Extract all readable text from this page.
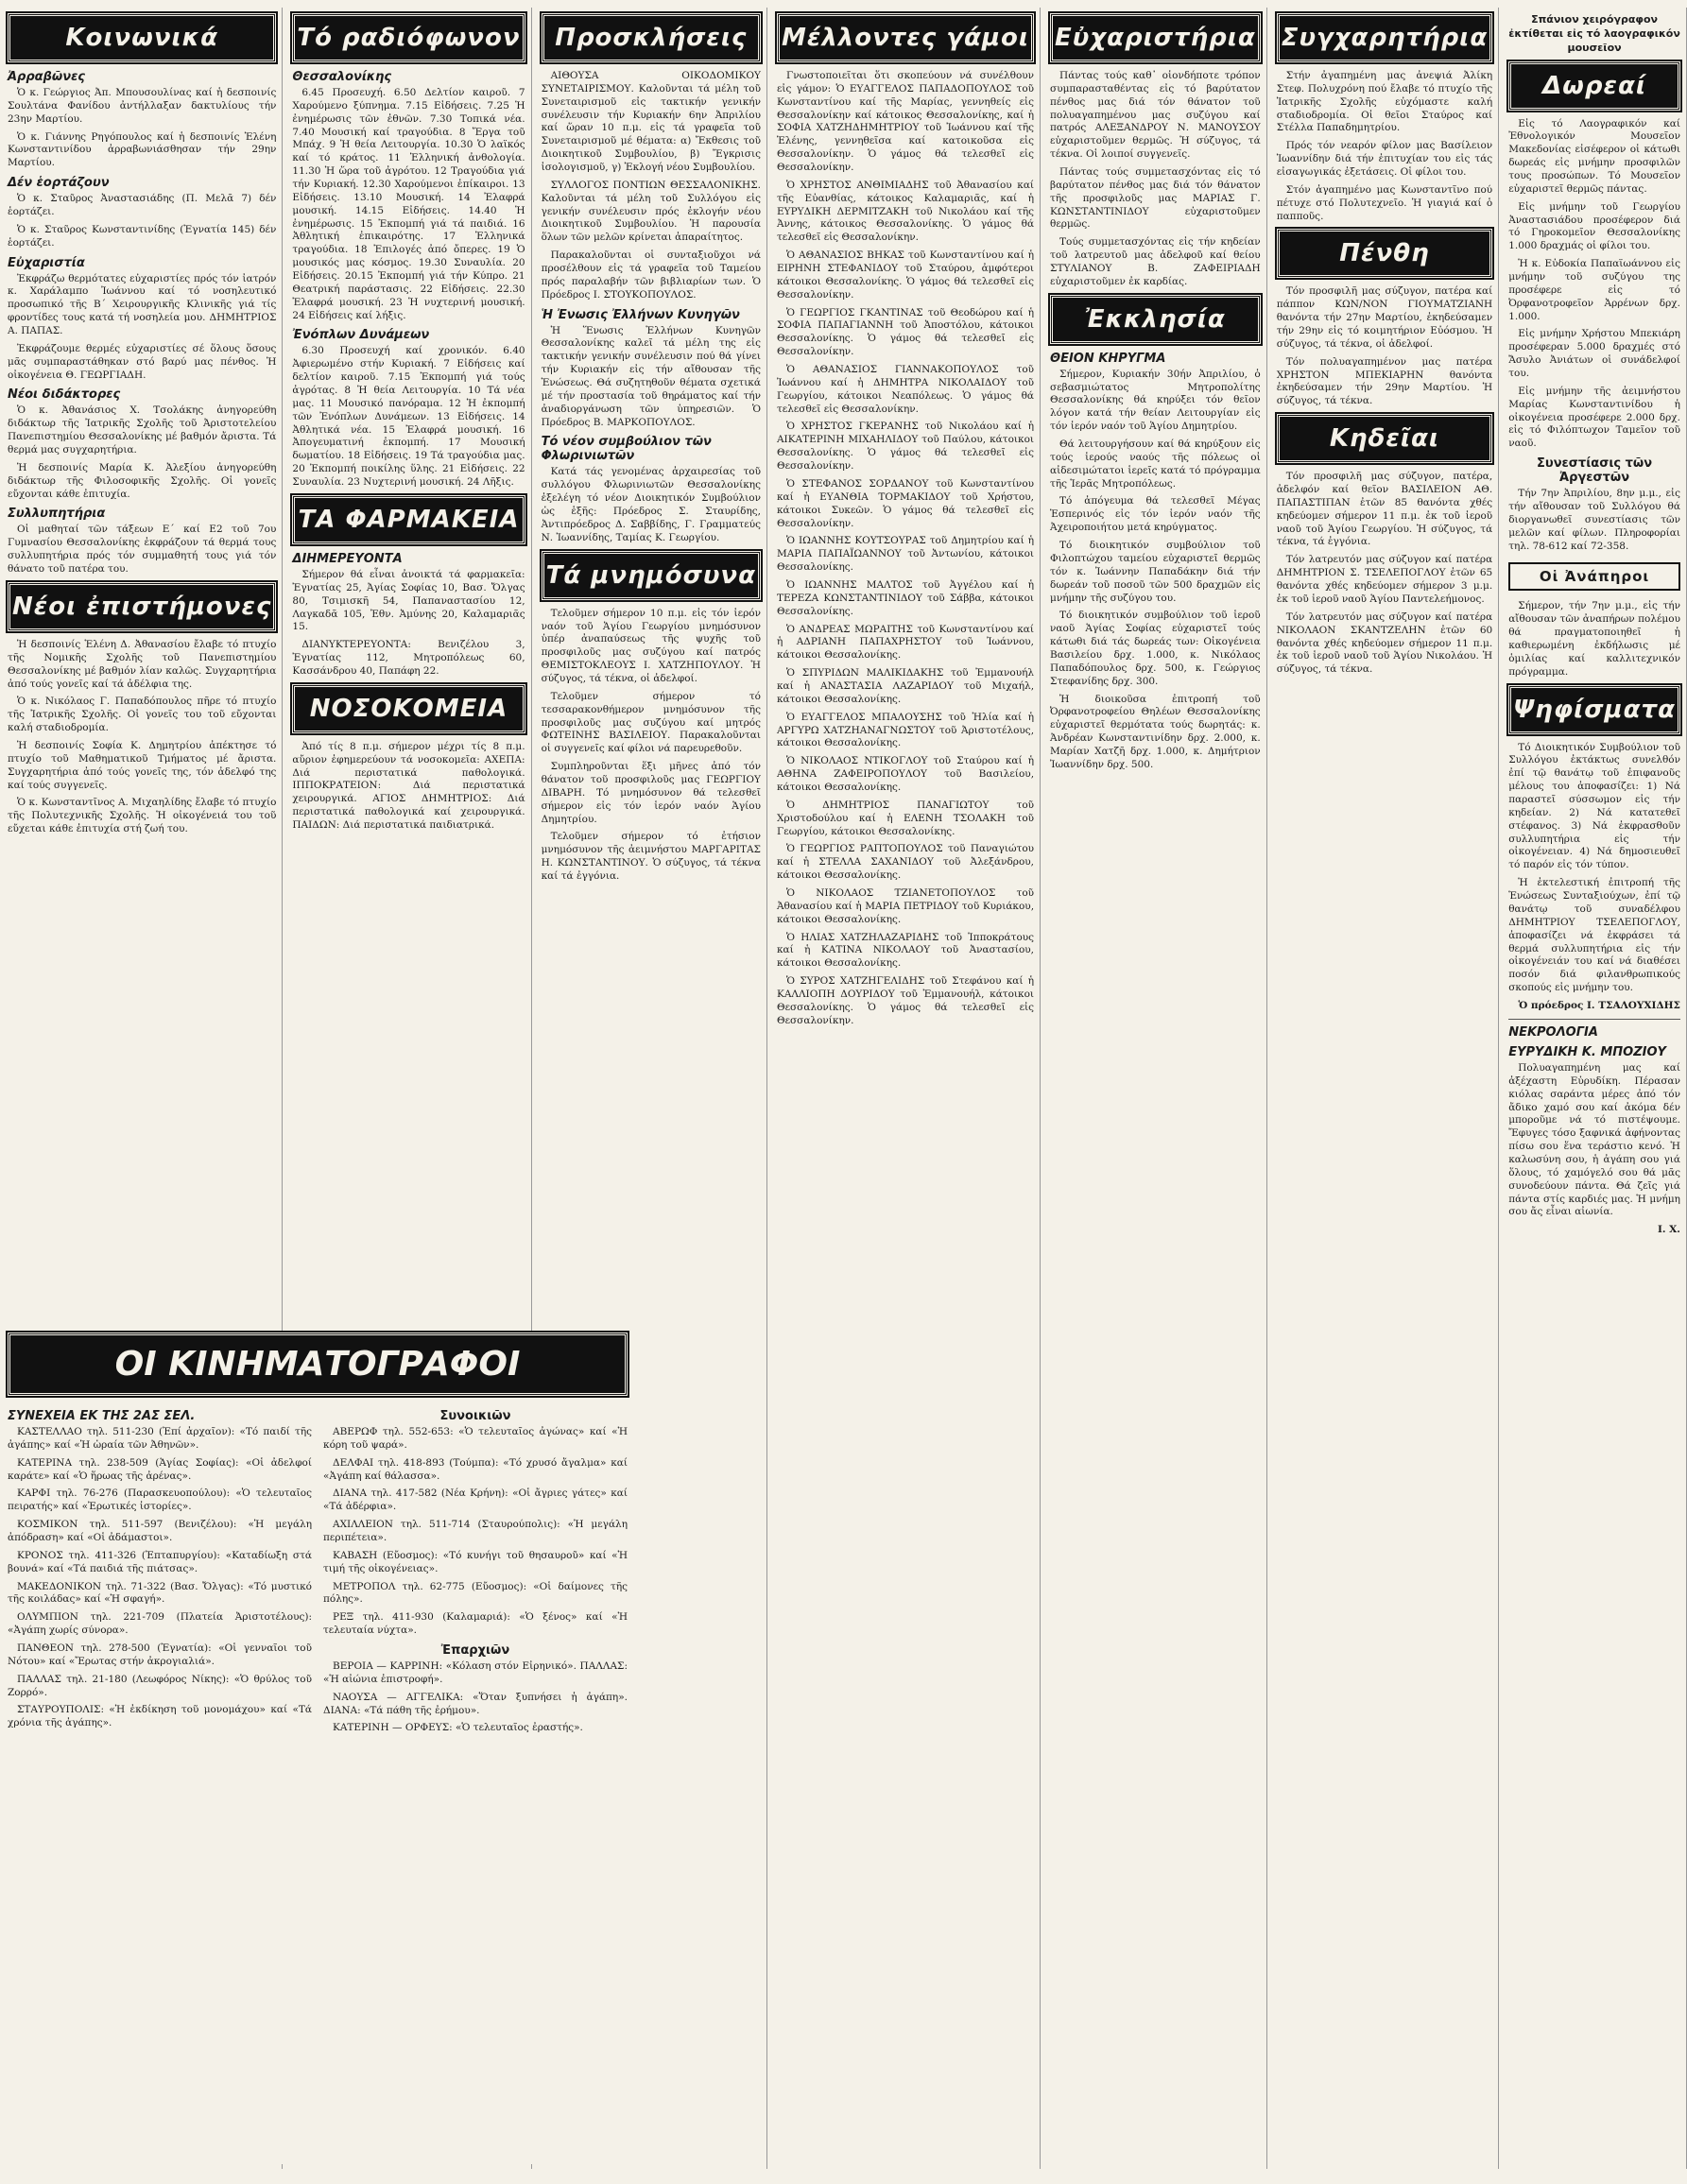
Κοινωνικά
Ἀρραβῶνες

Ὁ κ. Γεώργιος Ἀπ. Μπουσουλίνας καί ἡ δεσποινίς Σουλτάνα Φανίδου ἀντήλλαξαν δακτυλίους τήν 23ην Μαρτίου.

Ὁ κ. Γιάννης Ρηγόπουλος καί ἡ δεσποινίς Ἑλένη Κωνσταντινίδου ἀρραβωνιάσθησαν τήν 29ην Μαρτίου.

Δέν ἑορτάζουν

Ὁ κ. Σταῦρος Ἀναστασιάδης (Π. Μελᾶ 7) δέν ἑορτάζει.

Ὁ κ. Σταῦρος Κωνσταντινίδης (Ἐγνατία 145) δέν ἑορτάζει.

Εὐχαριστία

Ἐκφράζω θερμότατες εὐχαριστίες πρός τόν ἰατρόν κ. Χαράλαμπο Ἰωάννου καί τό νοσηλευτικό προσωπικό τῆς Β΄ Χειρουργικῆς Κλινικῆς γιά τίς φροντίδες τους κατά τή νοσηλεία μου. ΔΗΜΗΤΡΙΟΣ Α. ΠΑΠΑΣ.

Ἐκφράζουμε θερμές εὐχαριστίες σέ ὅλους ὅσους μᾶς συμπαραστάθηκαν στό βαρύ μας πένθος. Ἡ οἰκογένεια Θ. ΓΕΩΡΓΙΑΔΗ.

Νέοι διδάκτορες

Ὁ κ. Ἀθανάσιος Χ. Τσολάκης ἀνηγορεύθη διδάκτωρ τῆς Ἰατρικῆς Σχολῆς τοῦ Ἀριστοτελείου Πανεπιστημίου Θεσσαλονίκης μέ βαθμόν ἄριστα. Τά θερμά μας συγχαρητήρια.

Ἡ δεσποινίς Μαρία Κ. Ἀλεξίου ἀνηγορεύθη διδάκτωρ τῆς Φιλοσοφικῆς Σχολῆς. Οἱ γονεῖς εὔχονται κάθε ἐπιτυχία.

Συλλυπητήρια

Οἱ μαθηταί τῶν τάξεων Ε΄ καί Ε2 τοῦ 7ου Γυμνασίου Θεσσαλονίκης ἐκφράζουν τά θερμά τους συλλυπητήρια πρός τόν συμμαθητή τους γιά τόν θάνατο τοῦ πατέρα του.

Νέοι ἐπιστήμονες

Ἡ δεσποινίς Ἑλένη Δ. Ἀθανασίου ἔλαβε τό πτυχίο τῆς Νομικῆς Σχολῆς τοῦ Πανεπιστημίου Θεσσαλονίκης μέ βαθμόν λίαν καλῶς. Συγχαρητήρια ἀπό τούς γονεῖς καί τά ἀδέλφια της.

Ὁ κ. Νικόλαος Γ. Παπαδόπουλος πῆρε τό πτυχίο τῆς Ἰατρικῆς Σχολῆς. Οἱ γονεῖς του τοῦ εὔχονται καλή σταδιοδρομία.

Ἡ δεσποινίς Σοφία Κ. Δημητρίου ἀπέκτησε τό πτυχίο τοῦ Μαθηματικοῦ Τμήματος μέ ἄριστα. Συγχαρητήρια ἀπό τούς γονεῖς της, τόν ἀδελφό της καί τούς συγγενεῖς.

Ὁ κ. Κωνσταντῖνος Α. Μιχαηλίδης ἔλαβε τό πτυχίο τῆς Πολυτεχνικῆς Σχολῆς. Ἡ οἰκογένειά του τοῦ εὔχεται κάθε ἐπιτυχία στή ζωή του.

Τό ραδιόφωνον
Θεσσαλονίκης

6.45 Προσευχή. 6.50 Δελτίον καιροῦ. 7 Χαρούμενο ξύπνημα. 7.15 Εἰδήσεις. 7.25 Ἡ ἐνημέρωσις τῶν ἐθνῶν. 7.30 Τοπικά νέα. 7.40 Μουσική καί τραγούδια. 8 Ἔργα τοῦ Μπάχ. 9 Ἡ θεία Λειτουργία. 10.30 Ὁ λαϊκός καί τό κράτος. 11 Ἑλληνική ἀνθολογία. 11.30 Ἡ ὥρα τοῦ ἀγρότου. 12 Τραγούδια γιά τήν Κυριακή. 12.30 Χαρούμενοι ἐπίκαιροι. 13 Εἰδήσεις. 13.10 Μουσική. 14 Ἐλαφρά μουσική. 14.15 Εἰδήσεις. 14.40 Ἡ ἐνημέρωσις. 15 Ἐκπομπή γιά τά παιδιά. 16 Ἀθλητική ἐπικαιρότης. 17 Ἑλληνικά τραγούδια. 18 Ἐπιλογές ἀπό ὄπερες. 19 Ὁ μουσικός μας κόσμος. 19.30 Συναυλία. 20 Εἰδήσεις. 20.15 Ἐκπομπή γιά τήν Κύπρο. 21 Θεατρική παράστασις. 22 Εἰδήσεις. 22.30 Ἐλαφρά μουσική. 23 Ἡ νυχτερινή μουσική. 24 Εἰδήσεις καί λήξις.

Ἐνόπλων Δυνάμεων

6.30 Προσευχή καί χρονικόν. 6.40 Ἀφιερωμένο στήν Κυριακή. 7 Εἰδήσεις καί δελτίον καιροῦ. 7.15 Ἐκπομπή γιά τούς ἀγρότας. 8 Ἡ θεία Λειτουργία. 10 Τά νέα μας. 11 Μουσικό πανόραμα. 12 Ἡ ἐκπομπή τῶν Ἐνόπλων Δυνάμεων. 13 Εἰδήσεις. 14 Ἀθλητικά νέα. 15 Ἐλαφρά μουσική. 16 Ἀπογευματινή ἐκπομπή. 17 Μουσική δωματίου. 18 Εἰδήσεις. 19 Τά τραγούδια μας. 20 Ἐκπομπή ποικίλης ὕλης. 21 Εἰδήσεις. 22 Συναυλία. 23 Νυχτερινή μουσική. 24 Λῆξις.

ΤΑ ΦΑΡΜΑΚΕΙΑ
ΔΙΗΜΕΡΕΥΟΝΤΑ

Σήμερον θά εἶναι ἀνοικτά τά φαρμακεῖα: Ἐγνατίας 25, Ἀγίας Σοφίας 10, Βασ. Ὄλγας 80, Τσιμισκῆ 54, Παπαναστασίου 12, Λαγκαδᾶ 105, Ἐθν. Ἀμύνης 20, Καλαμαριᾶς 15.

ΔΙΑΝΥΚΤΕΡΕΥΟΝΤΑ: Βενιζέλου 3, Ἐγνατίας 112, Μητροπόλεως 60, Κασσάνδρου 40, Παπάφη 22.

ΝΟΣΟΚΟΜΕΙΑ

Ἀπό τίς 8 π.μ. σήμερον μέχρι τίς 8 π.μ. αὔριον ἐφημερεύουν τά νοσοκομεῖα: ΑΧΕΠΑ: Διά περιστατικά παθολογικά. ΙΠΠΟΚΡΑΤΕΙΟΝ: Διά περιστατικά χειρουργικά. ΑΓΙΟΣ ΔΗΜΗΤΡΙΟΣ: Διά περιστατικά παθολογικά καί χειρουργικά. ΠΑΙΔΩΝ: Διά περιστατικά παιδιατρικά.

Προσκλήσεις

ΑΙΘΟΥΣΑ ΟΙΚΟΔΟΜΙΚΟΥ ΣΥΝΕΤΑΙΡΙΣΜΟΥ. Καλοῦνται τά μέλη τοῦ Συνεταιρισμοῦ εἰς τακτικήν γενικήν συνέλευσιν τήν Κυριακήν 6ην Ἀπριλίου καί ὥραν 10 π.μ. εἰς τά γραφεῖα τοῦ Συνεταιρισμοῦ μέ θέματα: α) Ἔκθεσις τοῦ Διοικητικοῦ Συμβουλίου, β) Ἔγκρισις ἰσολογισμοῦ, γ) Ἐκλογή νέου Συμβουλίου.

ΣΥΛΛΟΓΟΣ ΠΟΝΤΙΩΝ ΘΕΣΣΑΛΟΝΙΚΗΣ. Καλοῦνται τά μέλη τοῦ Συλλόγου εἰς γενικήν συνέλευσιν πρός ἐκλογήν νέου Διοικητικοῦ Συμβουλίου. Ἡ παρουσία ὅλων τῶν μελῶν κρίνεται ἀπαραίτητος.

Παρακαλοῦνται οἱ συνταξιοῦχοι νά προσέλθουν εἰς τά γραφεῖα τοῦ Ταμείου πρός παραλαβήν τῶν βιβλιαρίων των. Ὁ Πρόεδρος Ι. ΣΤΟΥΚΟΠΟΥΛΟΣ.

Ἡ Ἐνωσις Ἐλλήνων Κυνηγῶν

Ἡ Ἕνωσις Ἑλλήνων Κυνηγῶν Θεσσαλονίκης καλεῖ τά μέλη της εἰς τακτικήν γενικήν συνέλευσιν πού θά γίνει τήν Κυριακήν εἰς τήν αἴθουσαν τῆς Ἑνώσεως. Θά συζητηθοῦν θέματα σχετικά μέ τήν προστασία τοῦ θηράματος καί τήν ἀναδιοργάνωση τῶν ὑπηρεσιῶν. Ὁ Πρόεδρος Β. ΜΑΡΚΟΠΟΥΛΟΣ.

Τό νέον συμβούλιον τῶν Φλωρινιωτῶν

Κατά τάς γενομένας ἀρχαιρεσίας τοῦ συλλόγου Φλωρινιωτῶν Θεσσαλονίκης ἐξελέγη τό νέον Διοικητικόν Συμβούλιον ὡς ἑξῆς: Πρόεδρος Σ. Σταυρίδης, Ἀντιπρόεδρος Δ. Σαββίδης, Γ. Γραμματεύς Ν. Ἰωαννίδης, Ταμίας Κ. Γεωργίου.

Τά μνημόσυνα

Τελοῦμεν σήμερον 10 π.μ. εἰς τόν ἱερόν ναόν τοῦ Ἁγίου Γεωργίου μνημόσυνον ὑπέρ ἀναπαύσεως τῆς ψυχῆς τοῦ προσφιλοῦς μας συζύγου καί πατρός ΘΕΜΙΣΤΟΚΛΕΟΥΣ Ι. ΧΑΤΖΗΠΟΥΛΟΥ. Ἡ σύζυγος, τά τέκνα, οἱ ἀδελφοί.

Τελοῦμεν σήμερον τό τεσσαρακονθήμερον μνημόσυνον τῆς προσφιλοῦς μας συζύγου καί μητρός ΦΩΤΕΙΝΗΣ ΒΑΣΙΛΕΙΟΥ. Παρακαλοῦνται οἱ συγγενεῖς καί φίλοι νά παρευρεθοῦν.

Συμπληροῦνται ἕξι μῆνες ἀπό τόν θάνατον τοῦ προσφιλοῦς μας ΓΕΩΡΓΙΟΥ ΔΙΒΑΡΗ. Τό μνημόσυνον θά τελεσθεῖ σήμερον εἰς τόν ἱερόν ναόν Ἁγίου Δημητρίου.

Τελοῦμεν σήμερον τό ἐτήσιον μνημόσυνον τῆς ἀειμνήστου ΜΑΡΓΑΡΙΤΑΣ Η. ΚΩΝΣΤΑΝΤΙΝΟΥ. Ὁ σύζυγος, τά τέκνα καί τά ἐγγόνια.

Μέλλοντες γάμοι

Γνωστοποιεῖται ὅτι σκοπεύουν νά συνέλθουν εἰς γάμον: Ὁ ΕΥΑΓΓΕΛΟΣ ΠΑΠΑΔΟΠΟΥΛΟΣ τοῦ Κωνσταντίνου καί τῆς Μαρίας, γεννηθείς εἰς Θεσσαλονίκην καί κάτοικος Θεσσαλονίκης, καί ἡ ΣΟΦΙΑ ΧΑΤΖΗΔΗΜΗΤΡΙΟΥ τοῦ Ἰωάννου καί τῆς Ἑλένης, γεννηθεῖσα καί κατοικοῦσα εἰς Θεσσαλονίκην. Ὁ γάμος θά τελεσθεῖ εἰς Θεσσαλονίκην.

Ὁ ΧΡΗΣΤΟΣ ΑΝΘΙΜΙΑΔΗΣ τοῦ Ἀθανασίου καί τῆς Εὐανθίας, κάτοικος Καλαμαριᾶς, καί ἡ ΕΥΡΥΔΙΚΗ ΔΕΡΜΙΤΖΑΚΗ τοῦ Νικολάου καί τῆς Ἀννης, κάτοικος Θεσσαλονίκης. Ὁ γάμος θά τελεσθεῖ εἰς Θεσσαλονίκην.

Ὁ ΑΘΑΝΑΣΙΟΣ ΒΗΚΑΣ τοῦ Κωνσταντίνου καί ἡ ΕΙΡΗΝΗ ΣΤΕΦΑΝΙΔΟΥ τοῦ Σταύρου, ἀμφότεροι κάτοικοι Θεσσαλονίκης. Ὁ γάμος θά τελεσθεῖ εἰς Θεσσαλονίκην.

Ὁ ΓΕΩΡΓΙΟΣ ΓΚΑΝΤΙΝΑΣ τοῦ Θεοδώρου καί ἡ ΣΟΦΙΑ ΠΑΠΑΓΙΑΝΝΗ τοῦ Ἀποστόλου, κάτοικοι Θεσσαλονίκης. Ὁ γάμος θά τελεσθεῖ εἰς Θεσσαλονίκην.

Ὁ ΑΘΑΝΑΣΙΟΣ ΓΙΑΝΝΑΚΟΠΟΥΛΟΣ τοῦ Ἰωάννου καί ἡ ΔΗΜΗΤΡΑ ΝΙΚΟΛΑΙΔΟΥ τοῦ Γεωργίου, κάτοικοι Νεαπόλεως. Ὁ γάμος θά τελεσθεῖ εἰς Θεσσαλονίκην.

Ὁ ΧΡΗΣΤΟΣ ΓΚΕΡΑΝΗΣ τοῦ Νικολάου καί ἡ ΑΙΚΑΤΕΡΙΝΗ ΜΙΧΑΗΛΙΔΟΥ τοῦ Παύλου, κάτοικοι Θεσσαλονίκης. Ὁ γάμος θά τελεσθεῖ εἰς Θεσσαλονίκην.

Ὁ ΣΤΕΦΑΝΟΣ ΣΟΡΔΑΝΟΥ τοῦ Κωνσταντίνου καί ἡ ΕΥΑΝΘΙΑ ΤΟΡΜΑΚΙΔΟΥ τοῦ Χρήστου, κάτοικοι Συκεῶν. Ὁ γάμος θά τελεσθεῖ εἰς Θεσσαλονίκην.

Ὁ ΙΩΑΝΝΗΣ ΚΟΥΤΣΟΥΡΑΣ τοῦ Δημητρίου καί ἡ ΜΑΡΙΑ ΠΑΠΑΪΩΑΝΝΟΥ τοῦ Ἀντωνίου, κάτοικοι Θεσσαλονίκης.

Ὁ ΙΩΑΝΝΗΣ ΜΑΛΤΟΣ τοῦ Ἀγγέλου καί ἡ ΤΕΡΕΖΑ ΚΩΝΣΤΑΝΤΙΝΙΔΟΥ τοῦ Σάββα, κάτοικοι Θεσσαλονίκης.

Ὁ ΑΝΔΡΕΑΣ ΜΩΡΑΙΤΗΣ τοῦ Κωνσταντίνου καί ἡ ΑΔΡΙΑΝΗ ΠΑΠΑΧΡΗΣΤΟΥ τοῦ Ἰωάννου, κάτοικοι Θεσσαλονίκης.

Ὁ ΣΠΥΡΙΔΩΝ ΜΑΛΙΚΙΔΑΚΗΣ τοῦ Ἐμμανουήλ καί ἡ ΑΝΑΣΤΑΣΙΑ ΛΑΖΑΡΙΔΟΥ τοῦ Μιχαήλ, κάτοικοι Θεσσαλονίκης.

Ὁ ΕΥΑΓΓΕΛΟΣ ΜΠΑΛΟΥΣΗΣ τοῦ Ἠλία καί ἡ ΑΡΓΥΡΩ ΧΑΤΖΗΑΝΑΓΝΩΣΤΟΥ τοῦ Ἀριστοτέλους, κάτοικοι Θεσσαλονίκης.

Ὁ ΝΙΚΟΛΑΟΣ ΝΤΙΚΟΓΛΟΥ τοῦ Σταύρου καί ἡ ΑΘΗΝΑ ΖΑΦΕΙΡΟΠΟΥΛΟΥ τοῦ Βασιλείου, κάτοικοι Θεσσαλονίκης.

Ὁ ΔΗΜΗΤΡΙΟΣ ΠΑΝΑΓΙΩΤΟΥ τοῦ Χριστοδούλου καί ἡ ΕΛΕΝΗ ΤΣΟΛΑΚΗ τοῦ Γεωργίου, κάτοικοι Θεσσαλονίκης.

Ὁ ΓΕΩΡΓΙΟΣ ΡΑΠΤΟΠΟΥΛΟΣ τοῦ Παναγιώτου καί ἡ ΣΤΕΛΛΑ ΣΑΧΑΝΙΔΟΥ τοῦ Ἀλεξάνδρου, κάτοικοι Θεσσαλονίκης.

Ὁ ΝΙΚΟΛΑΟΣ ΤΖΙΑΝΕΤΟΠΟΥΛΟΣ τοῦ Ἀθανασίου καί ἡ ΜΑΡΙΑ ΠΕΤΡΙΔΟΥ τοῦ Κυριάκου, κάτοικοι Θεσσαλονίκης.

Ὁ ΗΛΙΑΣ ΧΑΤΖΗΛΑΖΑΡΙΔΗΣ τοῦ Ἱπποκράτους καί ἡ ΚΑΤΙΝΑ ΝΙΚΟΛΑΟΥ τοῦ Ἀναστασίου, κάτοικοι Θεσσαλονίκης.

Ὁ ΣΥΡΟΣ ΧΑΤΖΗΓΕΛΙΔΗΣ τοῦ Στεφάνου καί ἡ ΚΑΛΛΙΟΠΗ ΔΟΥΡΙΔΟΥ τοῦ Ἐμμανουήλ, κάτοικοι Θεσσαλονίκης. Ὁ γάμος θά τελεσθεῖ εἰς Θεσσαλονίκην.

Εὐχαριστήρια

Πάντας τούς καθ᾿ οἱονδήποτε τρόπον συμπαρασταθέντας εἰς τό βαρύτατον πένθος μας διά τόν θάνατον τοῦ πολυαγαπημένου μας συζύγου καί πατρός ΑΛΕΞΑΝΔΡΟΥ Ν. ΜΑΝΟΥΣΟΥ εὐχαριστοῦμεν θερμῶς. Ἡ σύζυγος, τά τέκνα. Οἱ λοιποί συγγενεῖς.

Πάντας τούς συμμετασχόντας εἰς τό βαρύτατον πένθος μας διά τόν θάνατον τῆς προσφιλοῦς μας ΜΑΡΙΑΣ Γ. ΚΩΝΣΤΑΝΤΙΝΙΔΟΥ εὐχαριστοῦμεν θερμῶς.

Τούς συμμετασχόντας εἰς τήν κηδείαν τοῦ λατρευτοῦ μας ἀδελφοῦ καί θείου ΣΤΥΛΙΑΝΟΥ Β. ΖΑΦΕΙΡΙΑΔΗ εὐχαριστοῦμεν ἐκ καρδίας.

Ἐκκλησία
ΘΕΙΟΝ ΚΗΡΥΓΜΑ

Σήμερον, Κυριακήν 30ήν Ἀπριλίου, ὁ σεβασμιώτατος Μητροπολίτης Θεσσαλονίκης θά κηρύξει τόν θεῖον λόγον κατά τήν θείαν Λειτουργίαν εἰς τόν ἱερόν ναόν τοῦ Ἁγίου Δημητρίου.

Θά λειτουργήσουν καί θά κηρύξουν εἰς τούς ἱερούς ναούς τῆς πόλεως οἱ αἰδεσιμώτατοι ἱερεῖς κατά τό πρόγραμμα τῆς Ἱερᾶς Μητροπόλεως.

Τό ἀπόγευμα θά τελεσθεῖ Μέγας Ἑσπερινός εἰς τόν ἱερόν ναόν τῆς Ἀχειροποιήτου μετά κηρύγματος.

Τό διοικητικόν συμβούλιον τοῦ Φιλοπτώχου ταμείου εὐχαριστεῖ θερμῶς τόν κ. Ἰωάννην Παπαδάκην διά τήν δωρεάν τοῦ ποσοῦ τῶν 500 δραχμῶν εἰς μνήμην τῆς συζύγου του.

Τό διοικητικόν συμβούλιον τοῦ ἱεροῦ ναοῦ Ἁγίας Σοφίας εὐχαριστεῖ τούς κάτωθι διά τάς δωρεάς των: Οἰκογένεια Βασιλείου δρχ. 1.000, κ. Νικόλαος Παπαδόπουλος δρχ. 500, κ. Γεώργιος Στεφανίδης δρχ. 300.

Ἡ διοικοῦσα ἐπιτροπή τοῦ Ὀρφανοτροφείου Θηλέων Θεσσαλονίκης εὐχαριστεῖ θερμότατα τούς δωρητάς: κ. Ἀνδρέαν Κωνσταντινίδην δρχ. 2.000, κ. Μαρίαν Χατζῆ δρχ. 1.000, κ. Δημήτριον Ἰωαννίδην δρχ. 500.

Συγχαρητήρια

Στήν ἀγαπημένη μας ἀνεψιά Ἀλίκη Στεφ. Πολυχρόνη πού ἔλαβε τό πτυχίο τῆς Ἰατρικῆς Σχολῆς εὐχόμαστε καλή σταδιοδρομία. Οἱ θεῖοι Σταύρος καί Στέλλα Παπαδημητρίου.

Πρός τόν νεαρόν φίλον μας Βασίλειον Ἰωαννίδην διά τήν ἐπιτυχίαν του εἰς τάς εἰσαγωγικάς ἐξετάσεις. Οἱ φίλοι του.

Στόν ἀγαπημένο μας Κωνσταντῖνο πού πέτυχε στό Πολυτεχνεῖο. Ἡ γιαγιά καί ὁ παπποῦς.

Πένθη

Τόν προσφιλῆ μας σύζυγον, πατέρα καί πάππον ΚΩΝ/ΝΟΝ ΓΙΟΥΜΑΤΖΙΑΝΗ θανόντα τήν 27ην Μαρτίου, ἐκηδεύσαμεν τήν 29ην εἰς τό κοιμητήριον Εὐόσμου. Ἡ σύζυγος, τά τέκνα, οἱ ἀδελφοί.

Τόν πολυαγαπημένον μας πατέρα ΧΡΗΣΤΟΝ ΜΠΕΚΙΑΡΗΝ θανόντα ἐκηδεύσαμεν τήν 29ην Μαρτίου. Ἡ σύζυγος, τά τέκνα.

Κηδεῖαι

Τόν προσφιλῆ μας σύζυγον, πατέρα, ἀδελφόν καί θεῖον ΒΑΣΙΛΕΙΟΝ ΑΘ. ΠΑΠΑΣΤΙΠΑΝ ἐτῶν 85 θανόντα χθές κηδεύομεν σήμερον 11 π.μ. ἐκ τοῦ ἱεροῦ ναοῦ τοῦ Ἁγίου Γεωργίου. Ἡ σύζυγος, τά τέκνα, τά ἐγγόνια.

Τόν λατρευτόν μας σύζυγον καί πατέρα ΔΗΜΗΤΡΙΟΝ Σ. ΤΣΕΛΕΠΟΓΛΟΥ ἐτῶν 65 θανόντα χθές κηδεύομεν σήμερον 3 μ.μ. ἐκ τοῦ ἱεροῦ ναοῦ Ἁγίου Παντελεήμονος.

Τόν λατρευτόν μας σύζυγον καί πατέρα ΝΙΚΟΛΑΟΝ ΣΚΑΝΤΖΕΛΗΝ ἐτῶν 60 θανόντα χθές κηδεύομεν σήμερον 11 π.μ. ἐκ τοῦ ἱεροῦ ναοῦ τοῦ Ἁγίου Νικολάου. Ἡ σύζυγος, τά τέκνα.

Σπάνιον χειρόγραφον ἐκτίθεται εἰς τό λαογραφικόν μουσεῖον
Δωρεαί

Εἰς τό Λαογραφικόν καί Ἐθνολογικόν Μουσεῖον Μακεδονίας εἰσέφερον οἱ κάτωθι δωρεάς εἰς μνήμην προσφιλῶν τους προσώπων. Τό Μουσεῖον εὐχαριστεῖ θερμῶς πάντας.

Εἰς μνήμην τοῦ Γεωργίου Ἀναστασιάδου προσέφερον διά τό Γηροκομεῖον Θεσσαλονίκης 1.000 δραχμάς οἱ φίλοι του.

Ἡ κ. Εὐδοκία Παπαϊωάννου εἰς μνήμην τοῦ συζύγου της προσέφερε εἰς τό Ὀρφανοτροφεῖον Ἀρρένων δρχ. 1.000.

Εἰς μνήμην Χρήστου Μπεκιάρη προσέφεραν 5.000 δραχμές στό Ἄσυλο Ἀνιάτων οἱ συνάδελφοί του.

Εἰς μνήμην τῆς ἀειμνήστου Μαρίας Κωνσταντινίδου ἡ οἰκογένεια προσέφερε 2.000 δρχ. εἰς τό Φιλόπτωχον Ταμεῖον τοῦ ναοῦ.

Συνεστίασις τῶν Ἀργεστῶν

Τήν 7ην Ἀπριλίου, 8ην μ.μ., εἰς τήν αἴθουσαν τοῦ Συλλόγου θά διοργανωθεῖ συνεστίασις τῶν μελῶν καί φίλων. Πληροφορίαι τηλ. 78-612 καί 72-358.

Οἱ Ἀνάπηροι

Σήμερον, τήν 7ην μ.μ., εἰς τήν αἴθουσαν τῶν ἀναπήρων πολέμου θά πραγματοποιηθεῖ ἡ καθιερωμένη ἐκδήλωσις μέ ὁμιλίας καί καλλιτεχνικόν πρόγραμμα.

Ψηφίσματα

Τό Διοικητικόν Συμβούλιον τοῦ Συλλόγου ἐκτάκτως συνελθόν ἐπί τῷ θανάτῳ τοῦ ἐπιφανοῦς μέλους του ἀποφασίζει: 1) Νά παραστεῖ σύσσωμον εἰς τήν κηδείαν. 2) Νά κατατεθεῖ στέφανος. 3) Νά ἐκφρασθοῦν συλλυπητήρια εἰς τήν οἰκογένειαν. 4) Νά δημοσιευθεῖ τό παρόν εἰς τόν τύπον.

Ἡ ἐκτελεστική ἐπιτροπή τῆς Ἑνώσεως Συνταξιούχων, ἐπί τῷ θανάτῳ τοῦ συναδέλφου ΔΗΜΗΤΡΙΟΥ ΤΣΕΛΕΠΟΓΛΟΥ, ἀποφασίζει νά ἐκφράσει τά θερμά συλλυπητήρια εἰς τήν οἰκογένειάν του καί νά διαθέσει ποσόν διά φιλανθρωπικούς σκοπούς εἰς μνήμην του.

Ὁ πρόεδρος Ι. ΤΣΑΛΟΥΧΙΔΗΣ
ΝΕΚΡΟΛΟΓΙΑ
ΕΥΡΥΔΙΚΗ Κ. ΜΠΟΖΙΟΥ

Πολυαγαπημένη μας καί ἀξέχαστη Εὐρυδίκη. Πέρασαν κιόλας σαράντα μέρες ἀπό τόν ἄδικο χαμό σου καί ἀκόμα δέν μποροῦμε νά τό πιστέψουμε. Ἔφυγες τόσο ξαφνικά ἀφήνοντας πίσω σου ἕνα τεράστιο κενό. Ἡ καλωσύνη σου, ἡ ἀγάπη σου γιά ὅλους, τό χαμόγελό σου θά μᾶς συνοδεύουν πάντα. Θά ζεῖς γιά πάντα στίς καρδιές μας. Ἡ μνήμη σου ἄς εἶναι αἰωνία.

Ι. Χ.
ΟΙ ΚΙΝΗΜΑΤΟΓΡΑΦΟΙ
ΣΥΝΕΧΕΙΑ ΕΚ ΤΗΣ 2ΑΣ ΣΕΛ.

ΚΑΣΤΕΛΛΑΟ τηλ. 511-230 (Ἐπί ἀρχαῖον): «Τό παιδί τῆς ἀγάπης» καί «Ἡ ὡραία τῶν Ἀθηνῶν».

ΚΑΤΕΡΙΝΑ τηλ. 238-509 (Ἁγίας Σοφίας): «Οἱ ἀδελφοί καράτε» καί «Ὁ ἥρωας τῆς ἀρένας».

ΚΑΡΦΙ τηλ. 76-276 (Παρασκευοπούλου): «Ὁ τελευταῖος πειρατής» καί «Ἐρωτικές ἱστορίες».

ΚΟΣΜΙΚΟΝ τηλ. 511-597 (Βενιζέλου): «Ἡ μεγάλη ἀπόδραση» καί «Οἱ ἀδάμαστοι».

ΚΡΟΝΟΣ τηλ. 411-326 (Ἐπταπυργίου): «Καταδίωξη στά βουνά» καί «Τά παιδιά τῆς πιάτσας».

ΜΑΚΕΔΟΝΙΚΟΝ τηλ. 71-322 (Βασ. Ὄλγας): «Τό μυστικό τῆς κοιλάδας» καί «Ἡ σφαγή».

ΟΛΥΜΠΙΟΝ τηλ. 221-709 (Πλατεία Ἀριστοτέλους): «Ἀγάπη χωρίς σύνορα».

ΠΑΝΘΕΟΝ τηλ. 278-500 (Ἐγνατία): «Οἱ γενναῖοι τοῦ Νότου» καί «Ἔρωτας στήν ἀκρογιαλιά».

ΠΑΛΛΑΣ τηλ. 21-180 (Λεωφόρος Νίκης): «Ὁ θρύλος τοῦ Ζορρό».

ΣΤΑΥΡΟΥΠΟΛΙΣ: «Ἡ ἐκδίκηση τοῦ μονομάχου» καί «Τά χρόνια τῆς ἀγάπης».

Συνοικιῶν

ΑΒΕΡΩΦ τηλ. 552-653: «Ὁ τελευταῖος ἀγώνας» καί «Ἡ κόρη τοῦ ψαρά».

ΔΕΛΦΑΙ τηλ. 418-893 (Τούμπα): «Τό χρυσό ἄγαλμα» καί «Ἀγάπη καί θάλασσα».

ΔΙΑΝΑ τηλ. 417-582 (Νέα Κρήνη): «Οἱ ἄγριες γάτες» καί «Τά ἀδέρφια».

ΑΧΙΛΛΕΙΟΝ τηλ. 511-714 (Σταυρούπολις): «Ἡ μεγάλη περιπέτεια».

ΚΑΒΑΣΗ (Εὔοσμος): «Τό κυνήγι τοῦ θησαυροῦ» καί «Ἡ τιμή τῆς οἰκογένειας».

ΜΕΤΡΟΠΟΛ τηλ. 62-775 (Εὔοσμος): «Οἱ δαίμονες τῆς πόλης».

ΡΕΞ τηλ. 411-930 (Καλαμαριά): «Ὁ ξένος» καί «Ἡ τελευταία νύχτα».

Ἐπαρχιῶν

ΒΕΡΟΙΑ — ΚΑΡΡΙΝΗ: «Κόλαση στόν Εἰρηνικό». ΠΑΛΛΑΣ: «Ἡ αἰώνια ἐπιστροφή».

ΝΑΟΥΣΑ — ΑΓΓΕΛΙΚΑ: «Ὅταν ξυπνήσει ἡ ἀγάπη». ΔΙΑΝΑ: «Τά πάθη τῆς ἐρήμου».

ΚΑΤΕΡΙΝΗ — ΟΡΦΕΥΣ: «Ὁ τελευταῖος ἐραστής».
